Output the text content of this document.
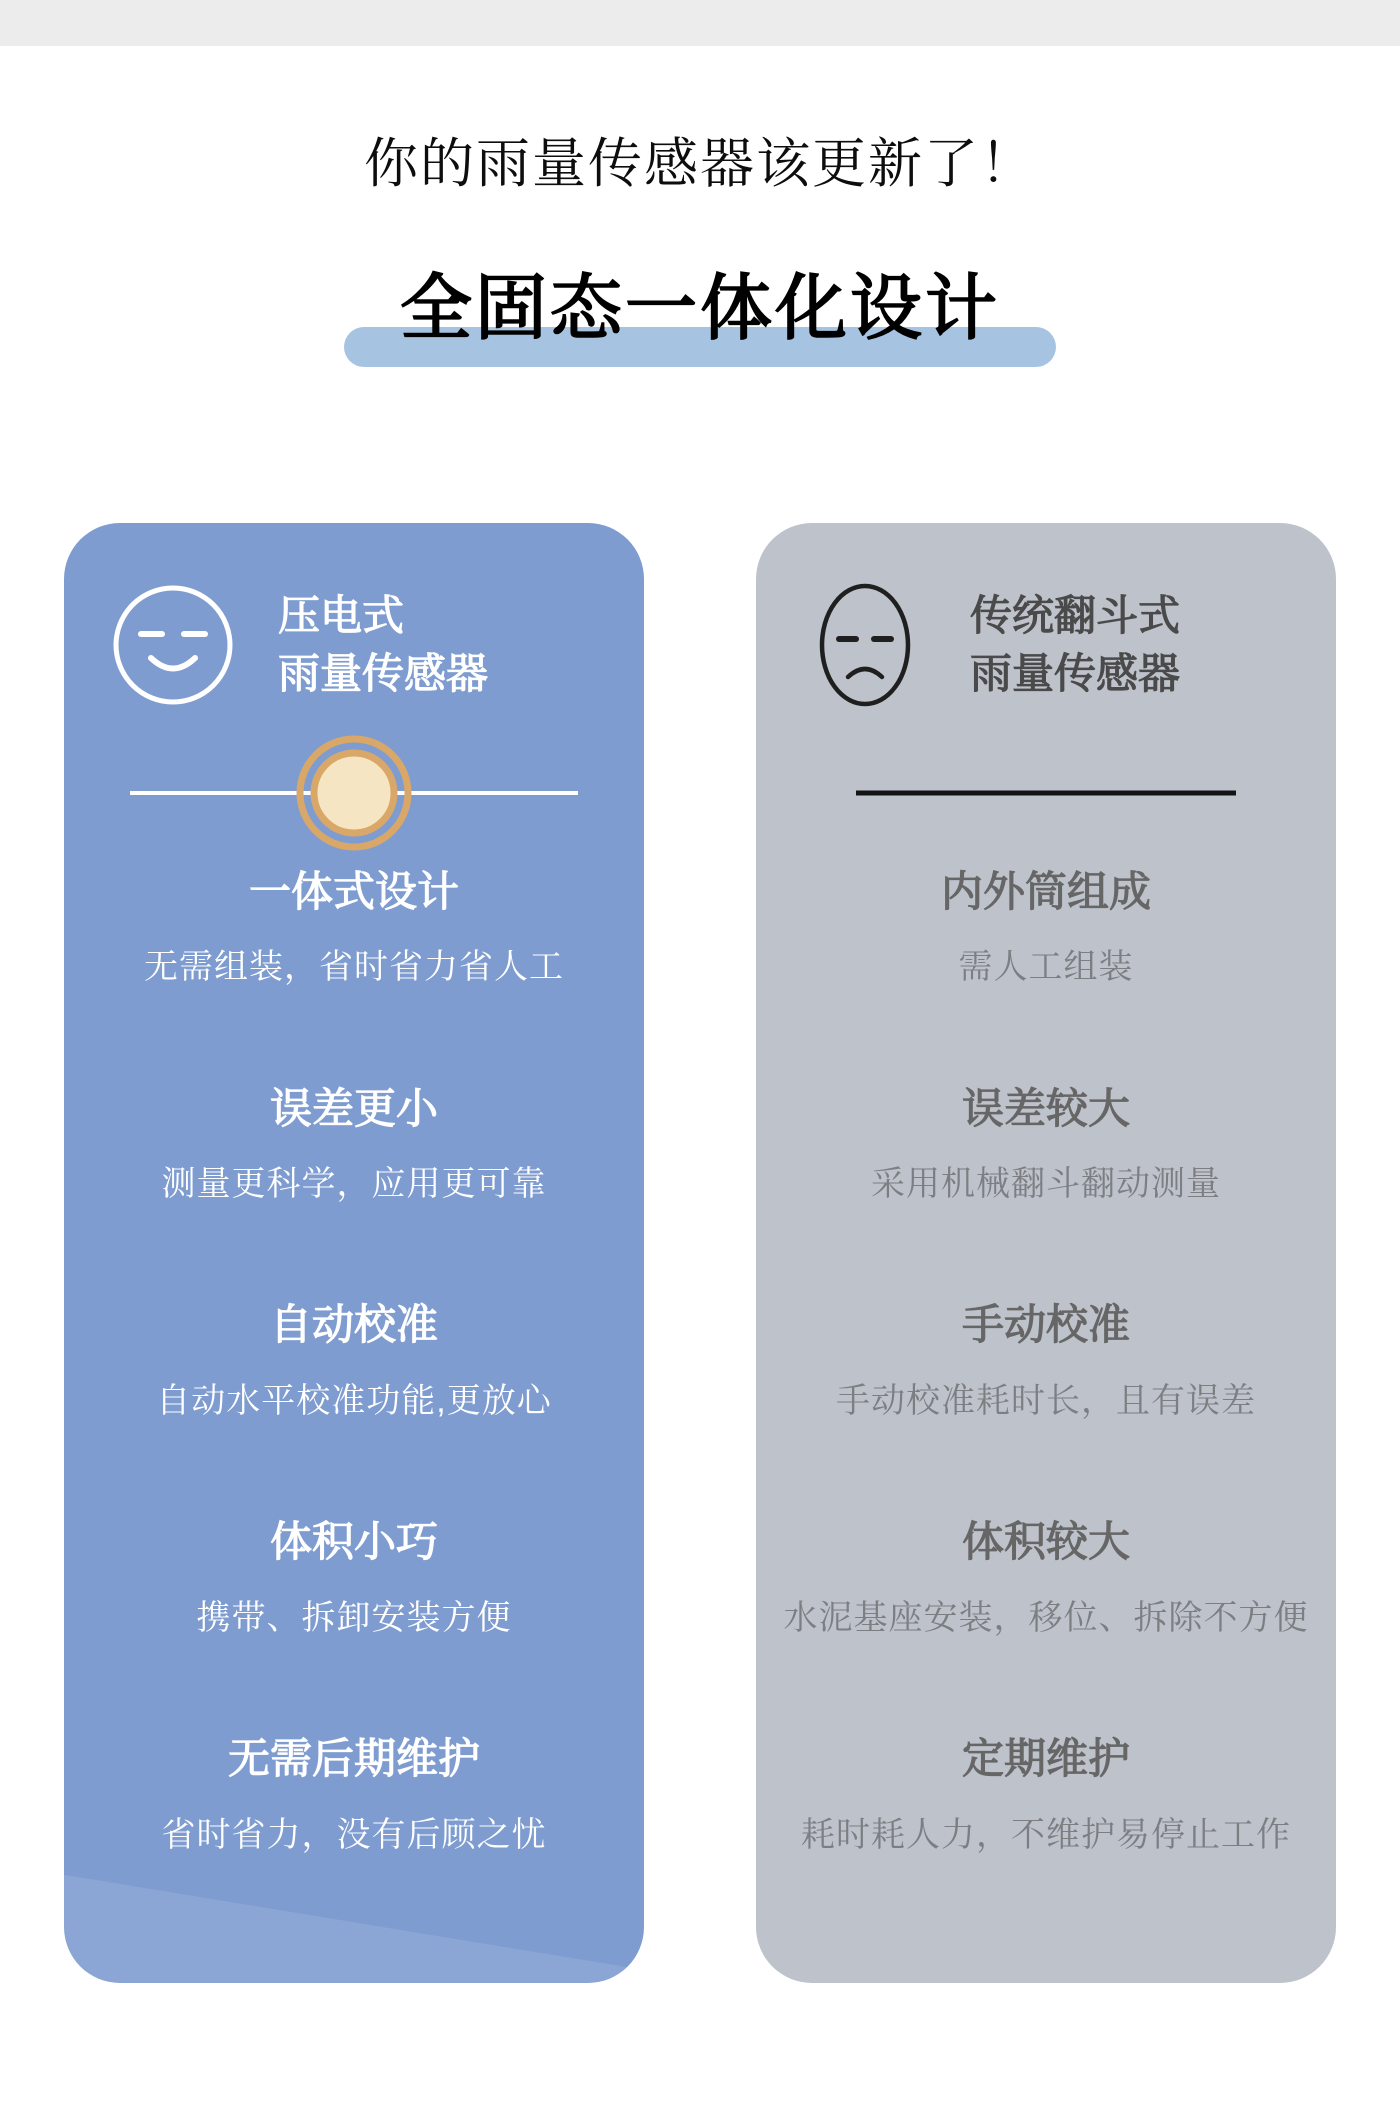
你的雨量传感器该更新了！
全固态一体化设计
压电式
雨量传感器
一体式设计
无需组装，省时省力省人工
误差更小
测量更科学，应用更可靠
自动校准
自动水平校准功能,更放心
体积小巧
携带、拆卸安装方便
无需后期维护
省时省力，没有后顾之忧
传统翻斗式
雨量传感器
内外筒组成
需人工组装
误差较大
采用机械翻斗翻动测量
手动校准
手动校准耗时长，且有误差
体积较大
水泥基座安装，移位、拆除不方便
定期维护
耗时耗人力，不维护易停止工作
